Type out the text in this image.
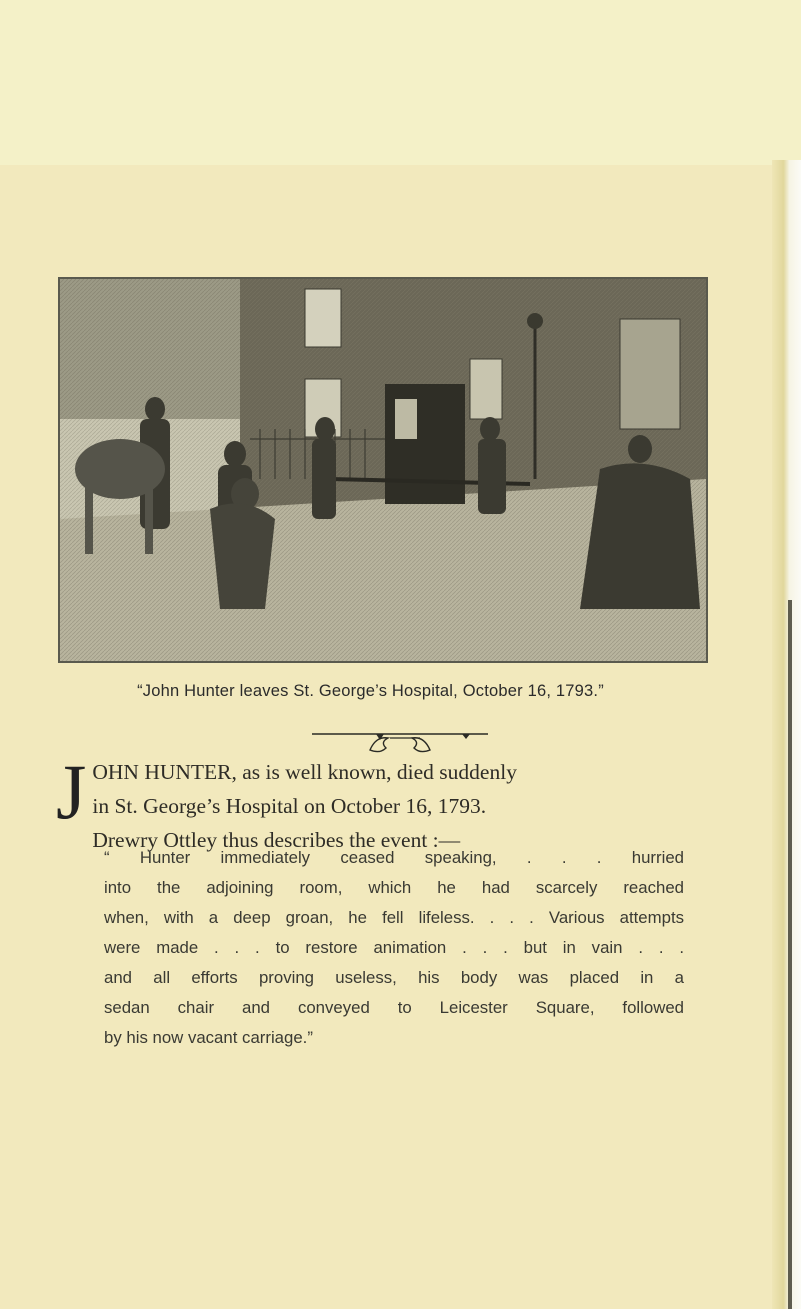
“John Hunter leaves St. George’s Hospital, October 16, 1793.”
J OHN HUNTER, as is well known, died suddenly
in St. George’s Hospital on October 16, 1793.
Drewry Ottley thus describes the event :—
“ Hunter immediately ceased speaking, . . . hurried
into the adjoining room, which he had scarcely reached
when, with a deep groan, he fell lifeless. . . . Various attempts
were made . . . to restore animation . . . but in vain . . .
and all efforts proving useless, his body was placed in a
sedan chair and conveyed to Leicester Square, followed
by his now vacant carriage.”
